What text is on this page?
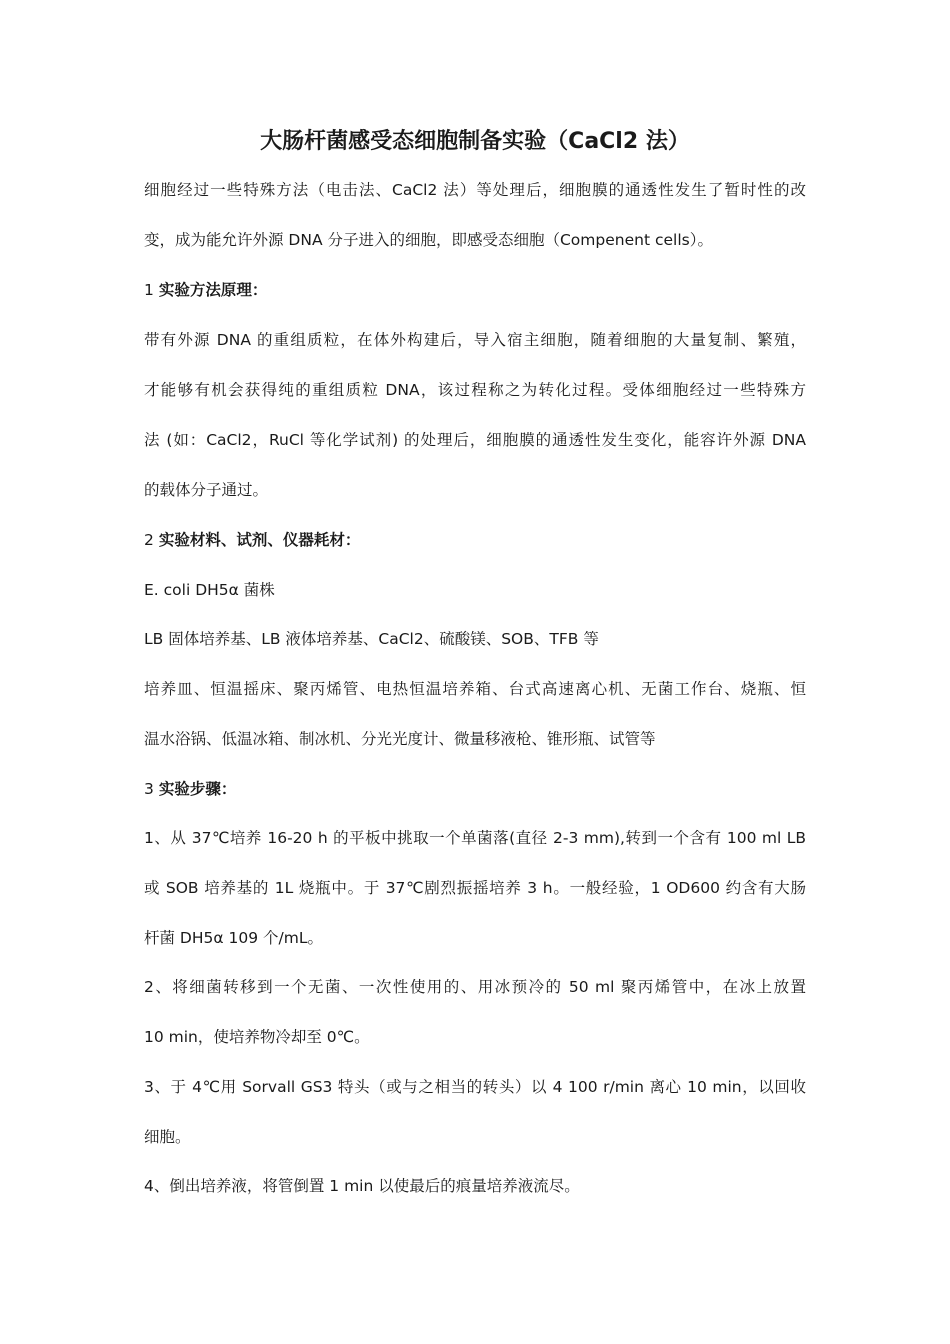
大肠杆菌感受态细胞制备实验（CaCl2 法）
细胞经过一些特殊方法（电击法、CaCl2 法）等处理后，细胞膜的通透性发生了暂时性的改
变，成为能允许外源 DNA 分子进入的细胞，即感受态细胞（Compenent cells）。
1 实验方法原理：
带有外源 DNA 的重组质粒，在体外构建后，导入宿主细胞，随着细胞的大量复制、繁殖，
才能够有机会获得纯的重组质粒 DNA，该过程称之为转化过程。受体细胞经过一些特殊方
法 (如：CaCl2，RuCl 等化学试剂) 的处理后，细胞膜的通透性发生变化，能容许外源 DNA
的载体分子通过。
2 实验材料、试剂、仪器耗材：
E. coli DH5α 菌株
LB 固体培养基、LB 液体培养基、CaCl2、硫酸镁、SOB、TFB 等
培养皿、恒温摇床、聚丙烯管、电热恒温培养箱、台式高速离心机、无菌工作台、烧瓶、恒
温水浴锅、低温冰箱、制冰机、分光光度计、微量移液枪、锥形瓶、试管等
3 实验步骤：
1、从 37℃培养 16-20 h 的平板中挑取一个单菌落(直径 2-3 mm),转到一个含有 100 ml LB
或 SOB 培养基的 1L 烧瓶中。于 37℃剧烈振摇培养 3 h。一般经验，1 OD600 约含有大肠
杆菌 DH5α 109 个/mL。
2、将细菌转移到一个无菌、一次性使用的、用冰预冷的 50 ml 聚丙烯管中，在冰上放置
10 min，使培养物冷却至 0℃。
3、于 4℃用 Sorvall GS3 特头（或与之相当的转头）以 4 100 r/min 离心 10 min，以回收
细胞。
4、倒出培养液，将管倒置 1 min 以使最后的痕量培养液流尽。
